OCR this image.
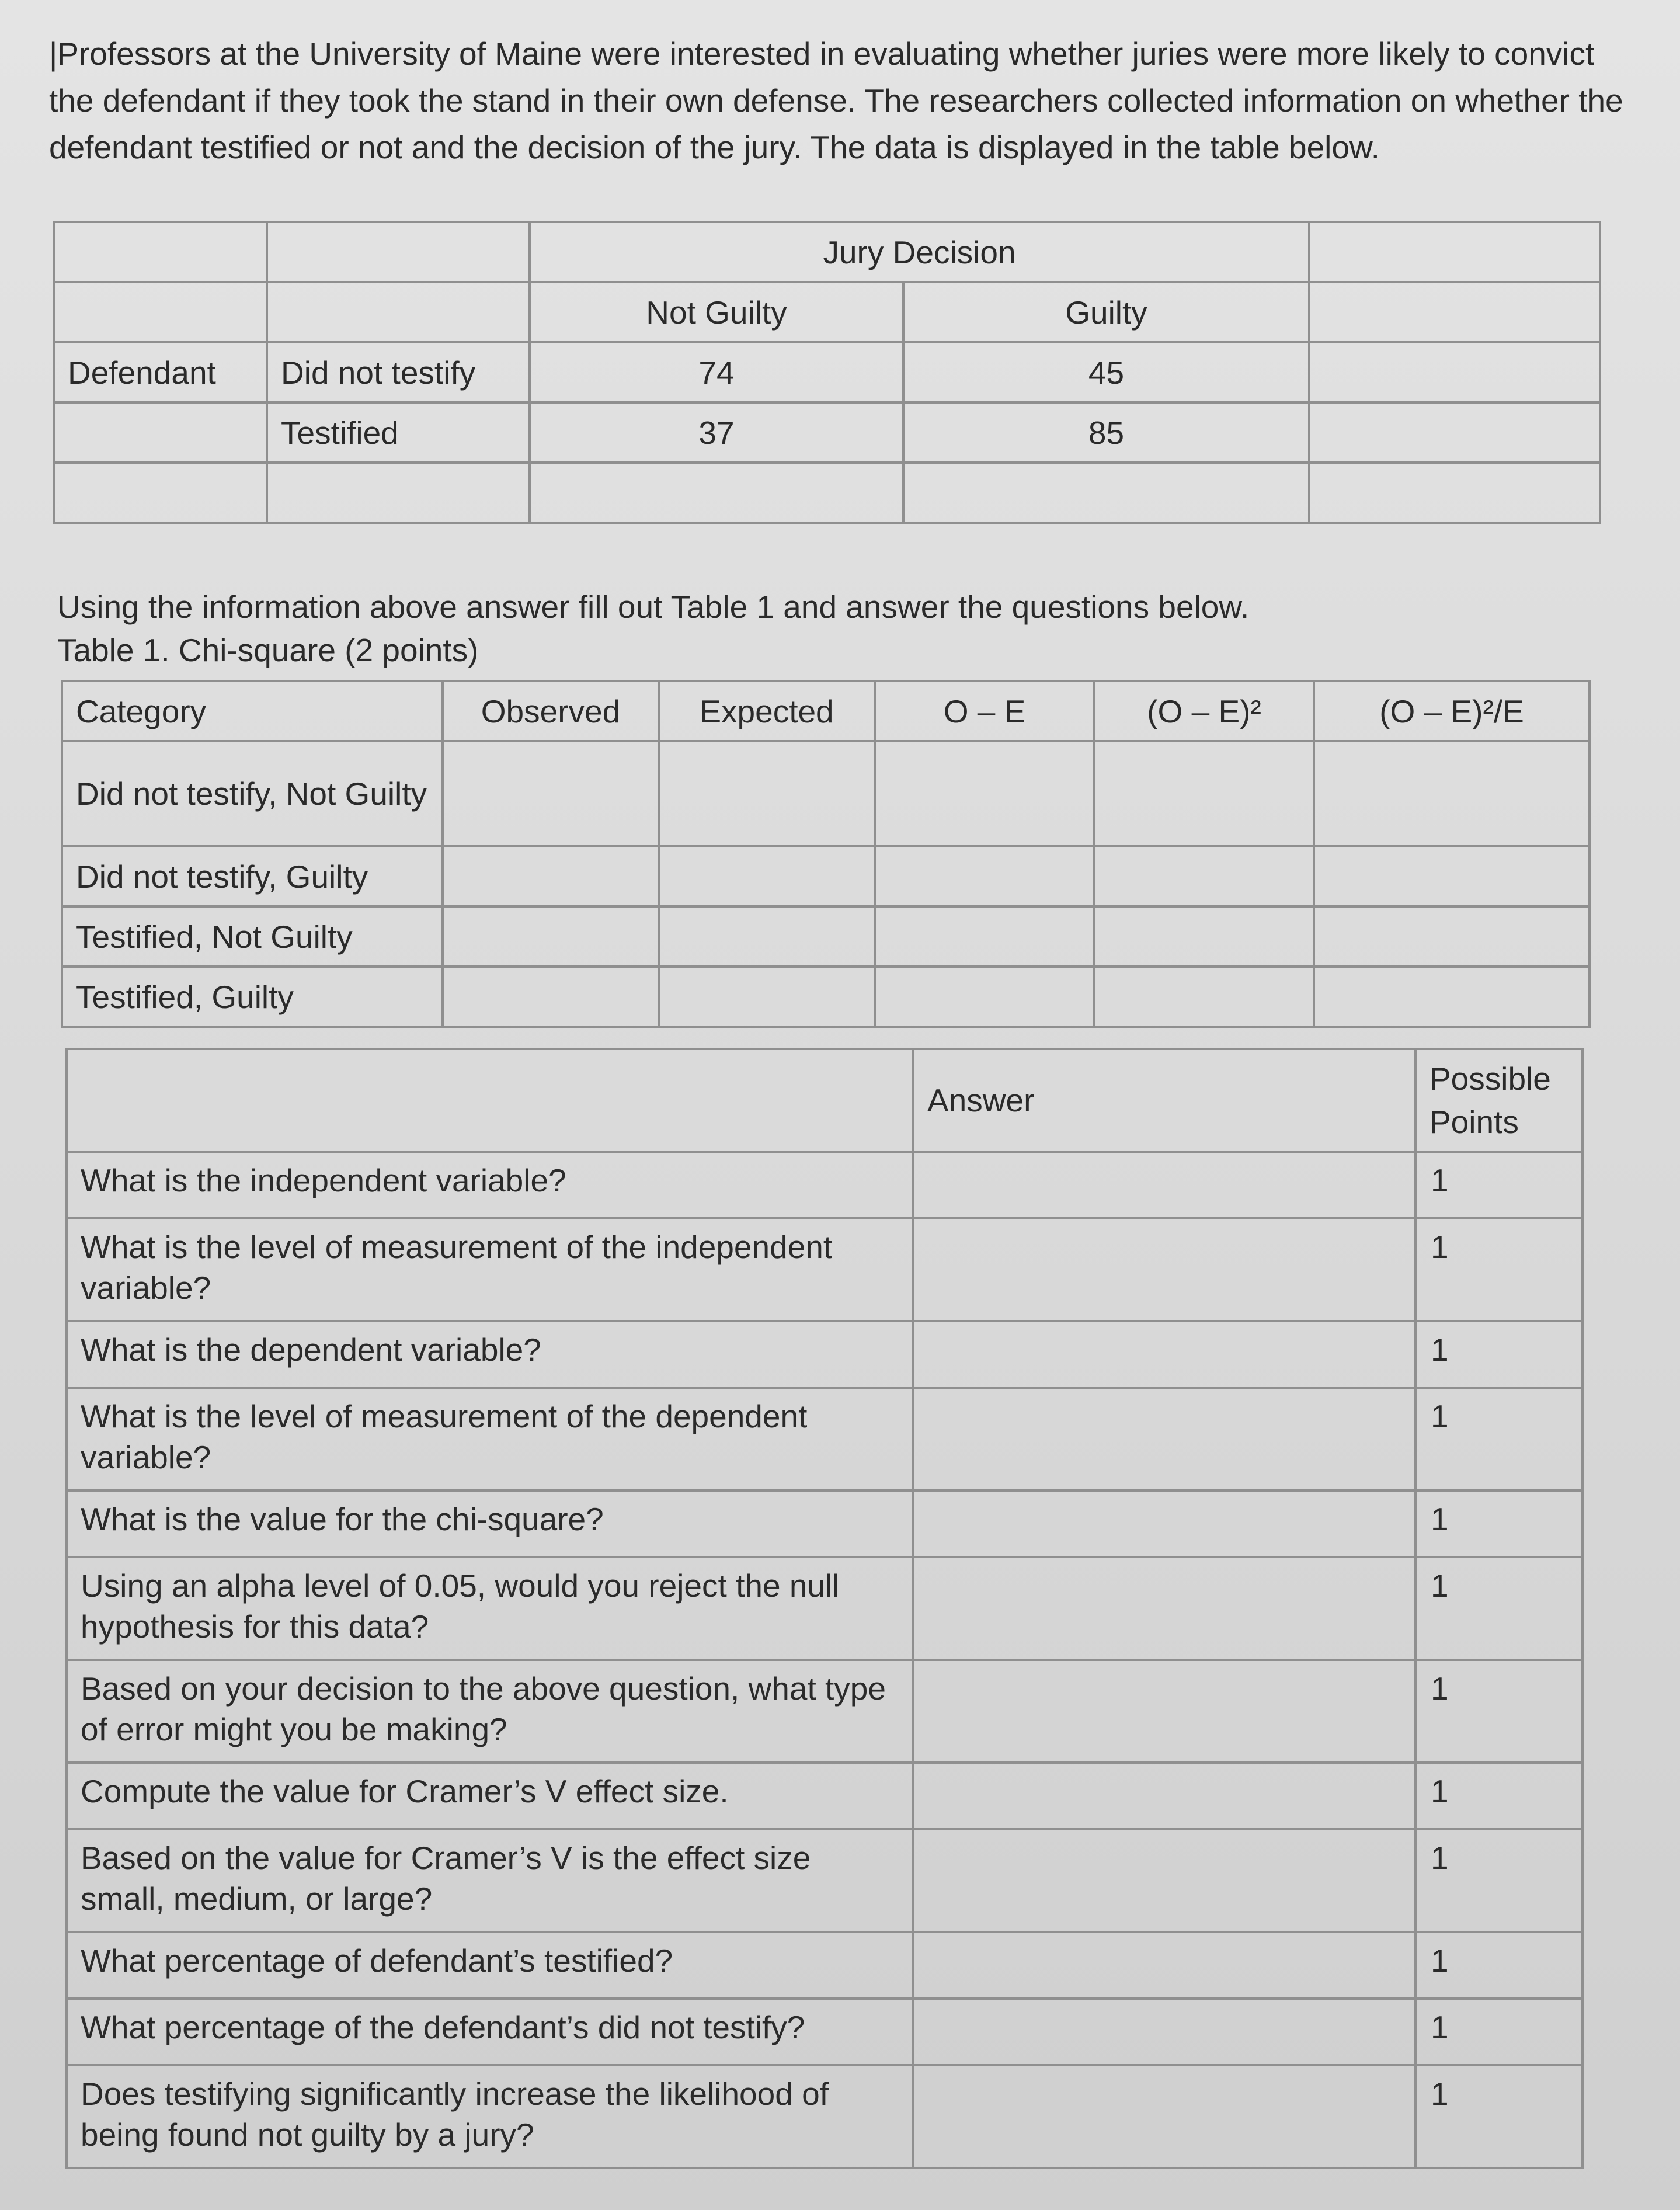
|Professors at the University of Maine were interested in evaluating whether juries were more likely to convict the defendant if they took the stand in their own defense. The researchers collected information on whether the defendant testified or not and the decision of the jury. The data is displayed in the table below.
		Jury Decision		
		Not Guilty	Guilty	
Defendant	Did not testify	74	45	
	Testified	37	85	

Using the information above answer fill out Table 1 and answer the questions below.
Table 1. Chi-square (2 points)
Category	Observed	Expected	O – E	(O – E)²	(O – E)²/E
Did not testify, Not Guilty					
Did not testify, Guilty					
Testified, Not Guilty					
Testified, Guilty					
	Answer	Possible Points
What is the independent variable?		1
What is the level of measurement of the independent variable?		1
What is the dependent variable?		1
What is the level of measurement of the dependent variable?		1
What is the value for the chi-square?		1
Using an alpha level of 0.05, would you reject the null hypothesis for this data?		1
Based on your decision to the above question, what type of error might you be making?		1
Compute the value for Cramer’s V effect size.		1
Based on the value for Cramer’s V is the effect size small, medium, or large?		1
What percentage of defendant’s testified?		1
What percentage of the defendant’s did not testify?		1
Does testifying significantly increase the likelihood of being found not guilty by a jury?		1
